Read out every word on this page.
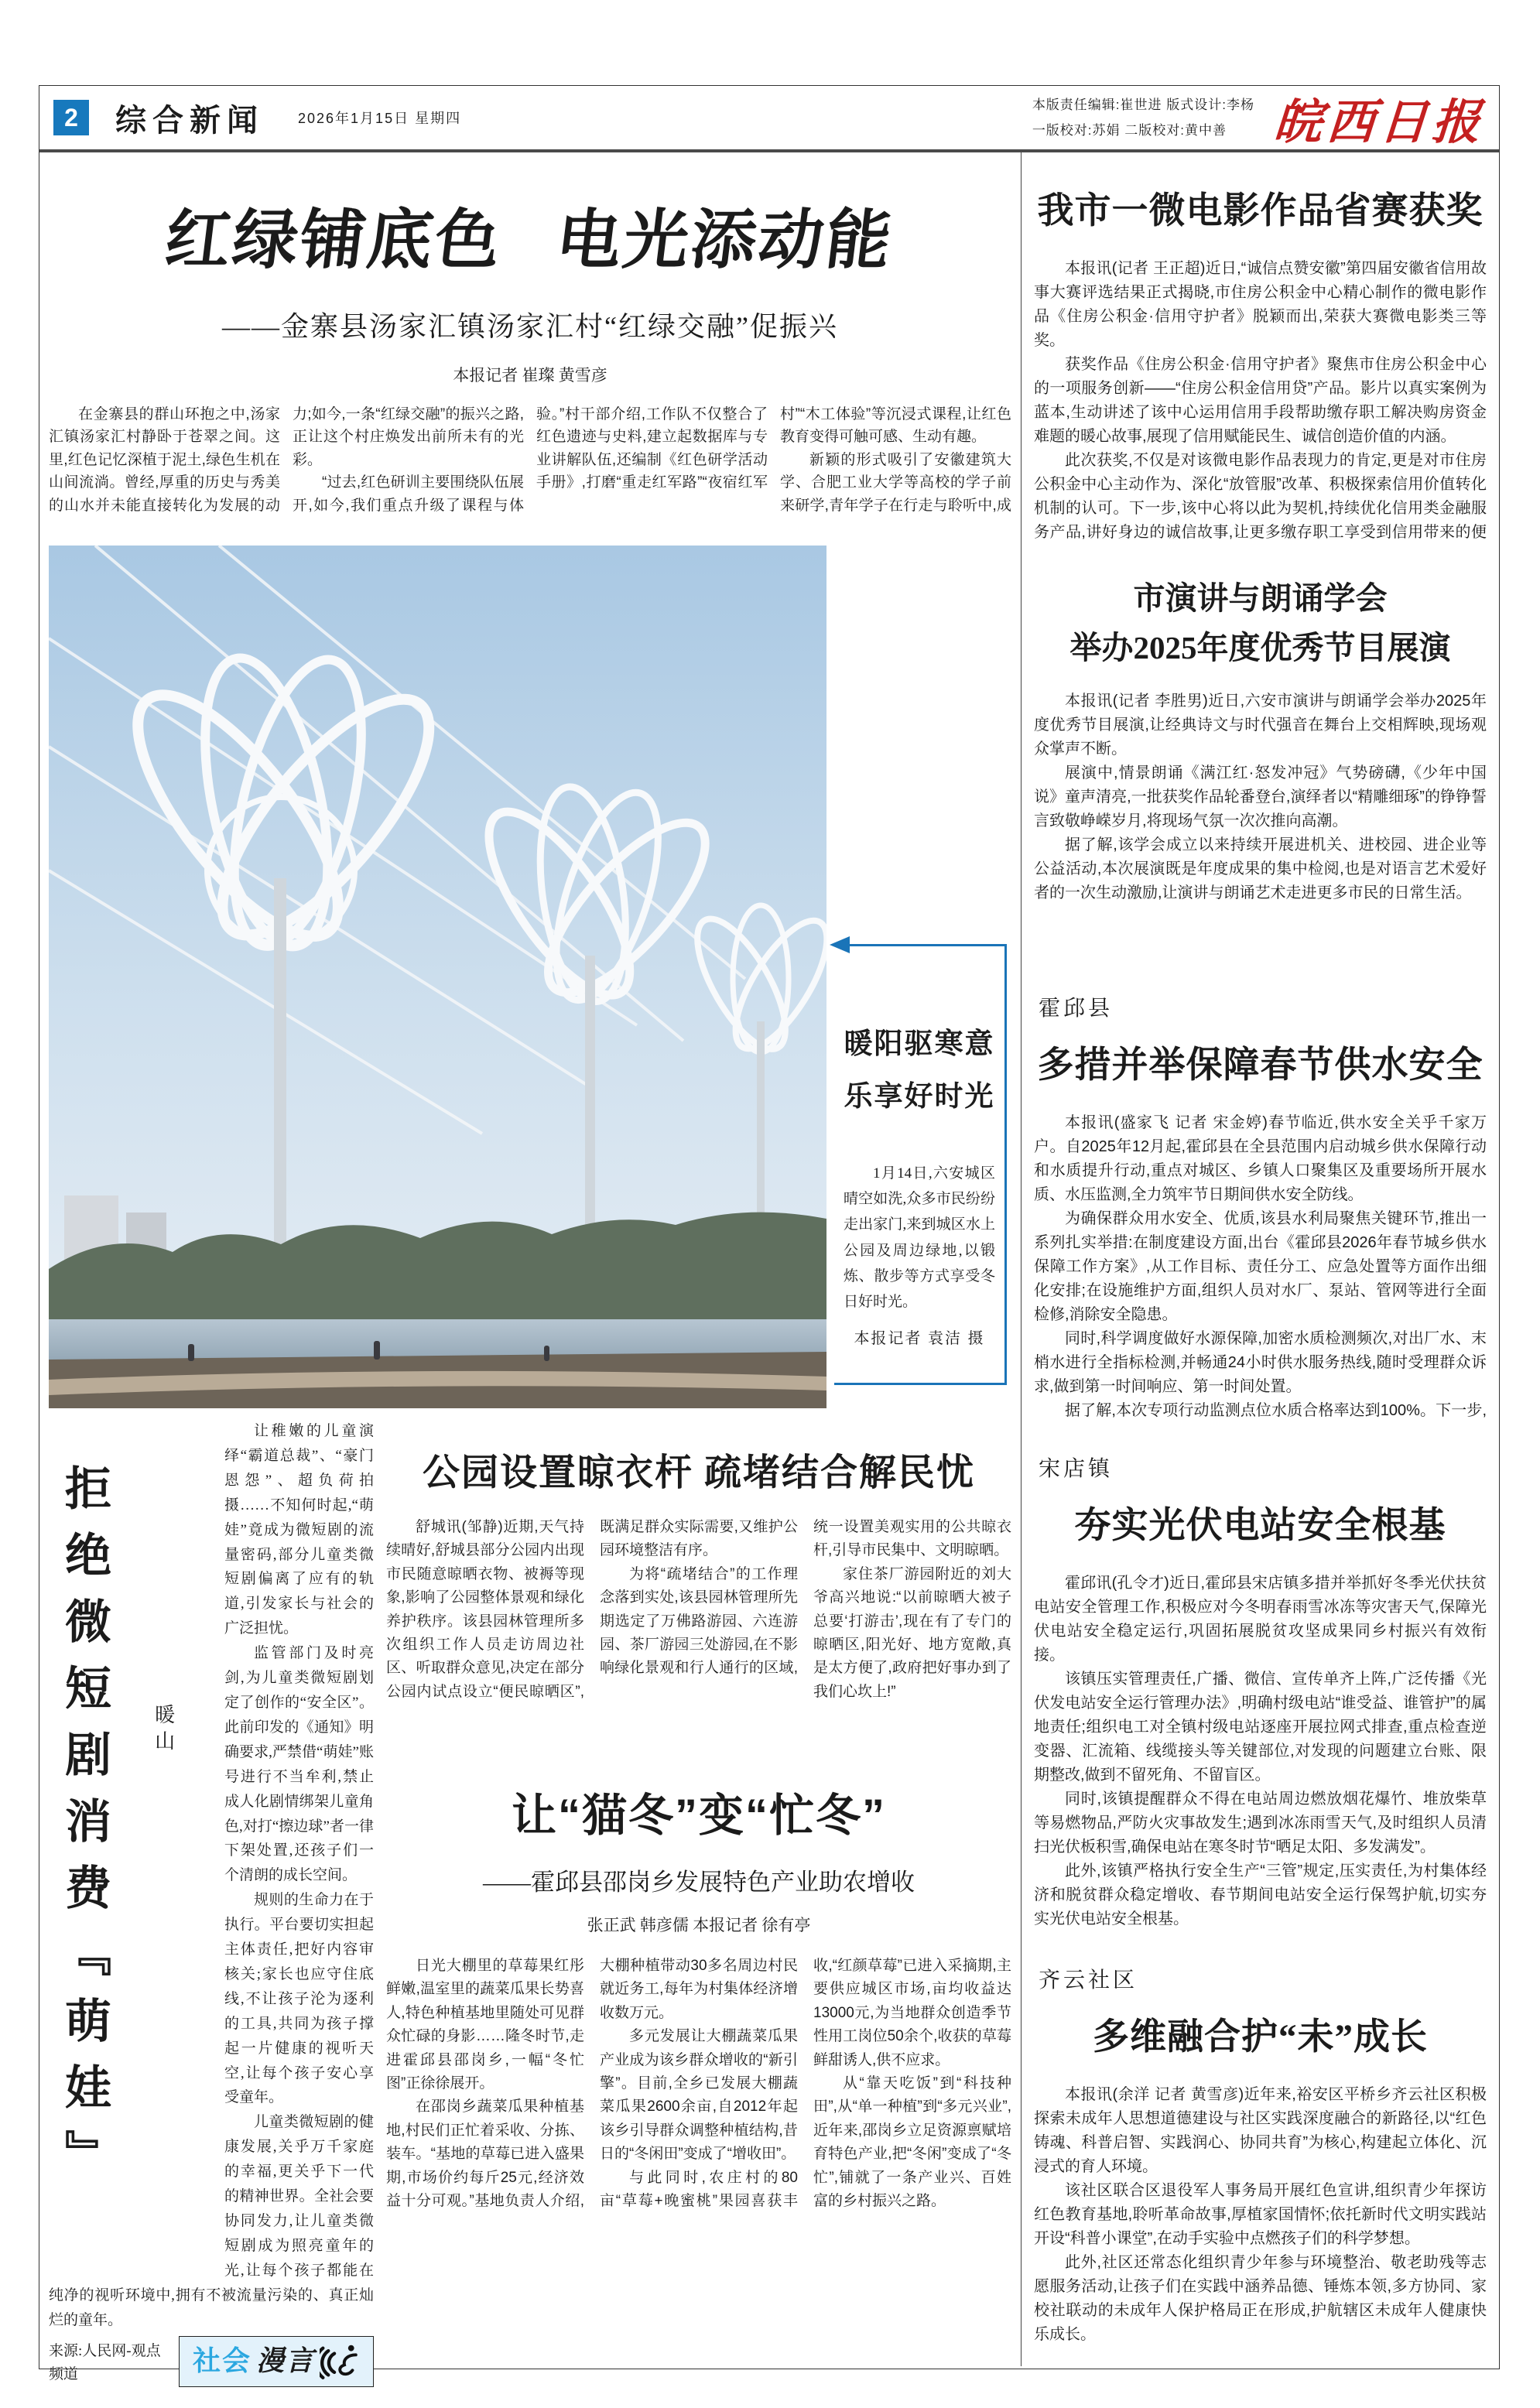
2	综合新闻 2026年1月15日 星期四
本版责任编辑:崔世进 版式设计:李杨
一版校对:苏娟 二版校对:黄中善 皖西日报
红绿铺底色 电光添动能
——金寨县汤家汇镇汤家汇村“红绿交融”促振兴
本报记者 崔璨 黄雪彦

在金寨县的群山环抱之中,汤家汇镇汤家汇村静卧于苍翠之间。这里,红色记忆深植于泥土,绿色生机在山间流淌。曾经,厚重的历史与秀美的山水并未能直接转化为发展的动力;如今,一条“红绿交融”的振兴之路,正让这个村庄焕发出前所未有的光彩。

“过去,红色研训主要围绕队伍展开,如今,我们重点升级了课程与体验。”村干部介绍,工作队不仅整合了红色遗迹与史料,建立起数据库与专业讲解队伍,还编制《红色研学活动手册》,打磨“重走红军路”“夜宿红军村”“木工体验”等沉浸式课程,让红色教育变得可触可感、生动有趣。

新颖的形式吸引了安徽建筑大学、合肥工业大学等高校的学子前来研学,青年学子在行走与聆听中,成

暖阳驱寒意
乐享好时光
1月14日,六安城区晴空如洗,众多市民纷纷走出家门,来到城区水上公园及周边绿地,以锻炼、散步等方式享受冬日好时光。
本报记者 袁洁 摄
拒绝微短剧消费『萌娃』 暖山

让稚嫩的儿童演绎“霸道总裁”、“豪门恩怨”、超负荷拍摄……不知何时起,“萌娃”竟成为微短剧的流量密码,部分儿童类微短剧偏离了应有的轨道,引发家长与社会的广泛担忧。

监管部门及时亮剑,为儿童类微短剧划定了创作的“安全区”。此前印发的《通知》明确要求,严禁借“萌娃”账号进行不当牟利,禁止成人化剧情绑架儿童角色,对打“擦边球”者一律下架处置,还孩子们一个清朗的成长空间。

规则的生命力在于执行。平台要切实担起主体责任,把好内容审核关;家长也应守住底线,不让孩子沦为逐利的工具,共同为孩子撑起一片健康的视听天空,让每个孩子安心享受童年。

儿童类微短剧的健康发展,关乎万千家庭的幸福,更关乎下一代的精神世界。全社会要协同发力,让儿童类微短剧成为照亮童年的光,让每个孩子都能在纯净的视听环境中,拥有不被流量污染的、真正灿烂的童年。

来源:人民网-观点频道	社会 漫言
公园设置晾衣杆 疏堵结合解民忧

舒城讯(邹静)近期,天气持续晴好,舒城县部分公园内出现市民随意晾晒衣物、被褥等现象,影响了公园整体景观和绿化养护秩序。该县园林管理所多次组织工作人员走访周边社区、听取群众意见,决定在部分公园内试点设立“便民晾晒区”,既满足群众实际需要,又维护公园环境整洁有序。

为将“疏堵结合”的工作理念落到实处,该县园林管理所先期选定了万佛路游园、六连游园、茶厂游园三处游园,在不影响绿化景观和行人通行的区域,统一设置美观实用的公共晾衣杆,引导市民集中、文明晾晒。

家住茶厂游园附近的刘大爷高兴地说:“以前晾晒大被子总要‘打游击’,现在有了专门的晾晒区,阳光好、地方宽敞,真是太方便了,政府把好事办到了我们心坎上!”

让“猫冬”变“忙冬”
——霍邱县邵岗乡发展特色产业助农增收
张正武 韩彦儒 本报记者 徐有亭

日光大棚里的草莓果红彤鲜嫩,温室里的蔬菜瓜果长势喜人,特色种植基地里随处可见群众忙碌的身影……隆冬时节,走进霍邱县邵岗乡,一幅“冬忙图”正徐徐展开。

在邵岗乡蔬菜瓜果种植基地,村民们正忙着采收、分拣、装车。“基地的草莓已进入盛果期,市场价约每斤25元,经济效益十分可观。”基地负责人介绍,大棚种植带动30多名周边村民就近务工,每年为村集体经济增收数万元。

多元发展让大棚蔬菜瓜果产业成为该乡群众增收的“新引擎”。目前,全乡已发展大棚蔬菜瓜果2600余亩,自2012年起该乡引导群众调整种植结构,昔日的“冬闲田”变成了“增收田”。

与此同时,农庄村的80亩“草莓+晚蜜桃”果园喜获丰收,“红颜草莓”已进入采摘期,主要供应城区市场,亩均收益达13000元,为当地群众创造季节性用工岗位50余个,收获的草莓鲜甜诱人,供不应求。

从“靠天吃饭”到“科技种田”,从“单一种植”到“多元兴业”,近年来,邵岗乡立足资源禀赋培育特色产业,把“冬闲”变成了“冬忙”,铺就了一条产业兴、百姓富的乡村振兴之路。

我市一微电影作品省赛获奖

本报讯(记者 王正超)近日,“诚信点赞安徽”第四届安徽省信用故事大赛评选结果正式揭晓,市住房公积金中心精心制作的微电影作品《住房公积金·信用守护者》脱颖而出,荣获大赛微电影类三等奖。

获奖作品《住房公积金·信用守护者》聚焦市住房公积金中心的一项服务创新——“住房公积金信用贷”产品。影片以真实案例为蓝本,生动讲述了该中心运用信用手段帮助缴存职工解决购房资金难题的暖心故事,展现了信用赋能民生、诚信创造价值的内涵。

此次获奖,不仅是对该微电影作品表现力的肯定,更是对市住房公积金中心主动作为、深化“放管服”改革、积极探索信用价值转化机制的认可。下一步,该中心将以此为契机,持续优化信用类金融服务产品,讲好身边的诚信故事,让更多缴存职工享受到信用带来的便

市演讲与朗诵学会
举办2025年度优秀节目展演

本报讯(记者 李胜男)近日,六安市演讲与朗诵学会举办2025年度优秀节目展演,让经典诗文与时代强音在舞台上交相辉映,现场观众掌声不断。

展演中,情景朗诵《满江红·怒发冲冠》气势磅礴,《少年中国说》童声清亮,一批获奖作品轮番登台,演绎者以“精雕细琢”的铮铮誓言致敬峥嵘岁月,将现场气氛一次次推向高潮。

据了解,该学会成立以来持续开展进机关、进校园、进企业等公益活动,本次展演既是年度成果的集中检阅,也是对语言艺术爱好者的一次生动激励,让演讲与朗诵艺术走进更多市民的日常生活。

霍邱县
多措并举保障春节供水安全

本报讯(盛家飞 记者 宋金婷)春节临近,供水安全关乎千家万户。自2025年12月起,霍邱县在全县范围内启动城乡供水保障行动和水质提升行动,重点对城区、乡镇人口聚集区及重要场所开展水质、水压监测,全力筑牢节日期间供水安全防线。

为确保群众用水安全、优质,该县水利局聚焦关键环节,推出一系列扎实举措:在制度建设方面,出台《霍邱县2026年春节城乡供水保障工作方案》,从工作目标、责任分工、应急处置等方面作出细化安排;在设施维护方面,组织人员对水厂、泵站、管网等进行全面检修,消除安全隐患。

同时,科学调度做好水源保障,加密水质检测频次,对出厂水、末梢水进行全指标检测,并畅通24小时供水服务热线,随时受理群众诉求,做到第一时间响应、第一时间处置。

据了解,本次专项行动监测点位水质合格率达到100%。下一步,

宋店镇
夯实光伏电站安全根基

霍邱讯(孔令才)近日,霍邱县宋店镇多措并举抓好冬季光伏扶贫电站安全管理工作,积极应对今冬明春雨雪冰冻等灾害天气,保障光伏电站安全稳定运行,巩固拓展脱贫攻坚成果同乡村振兴有效衔接。

该镇压实管理责任,广播、微信、宣传单齐上阵,广泛传播《光伏发电站安全运行管理办法》,明确村级电站“谁受益、谁管护”的属地责任;组织电工对全镇村级电站逐座开展拉网式排查,重点检查逆变器、汇流箱、线缆接头等关键部位,对发现的问题建立台账、限期整改,做到不留死角、不留盲区。

同时,该镇提醒群众不得在电站周边燃放烟花爆竹、堆放柴草等易燃物品,严防火灾事故发生;遇到冰冻雨雪天气,及时组织人员清扫光伏板积雪,确保电站在寒冬时节“晒足太阳、多发满发”。

此外,该镇严格执行安全生产“三管”规定,压实责任,为村集体经济和脱贫群众稳定增收、春节期间电站安全运行保驾护航,切实夯实光伏电站安全根基。

齐云社区
多维融合护“未”成长

本报讯(余洋 记者 黄雪彦)近年来,裕安区平桥乡齐云社区积极探索未成年人思想道德建设与社区实践深度融合的新路径,以“红色铸魂、科普启智、实践润心、协同共育”为核心,构建起立体化、沉浸式的育人环境。

该社区联合区退役军人事务局开展红色宣讲,组织青少年探访红色教育基地,聆听革命故事,厚植家国情怀;依托新时代文明实践站开设“科普小课堂”,在动手实验中点燃孩子们的科学梦想。

此外,社区还常态化组织青少年参与环境整治、敬老助残等志愿服务活动,让孩子们在实践中涵养品德、锤炼本领,多方协同、家校社联动的未成年人保护格局正在形成,护航辖区未成年人健康快乐成长。
